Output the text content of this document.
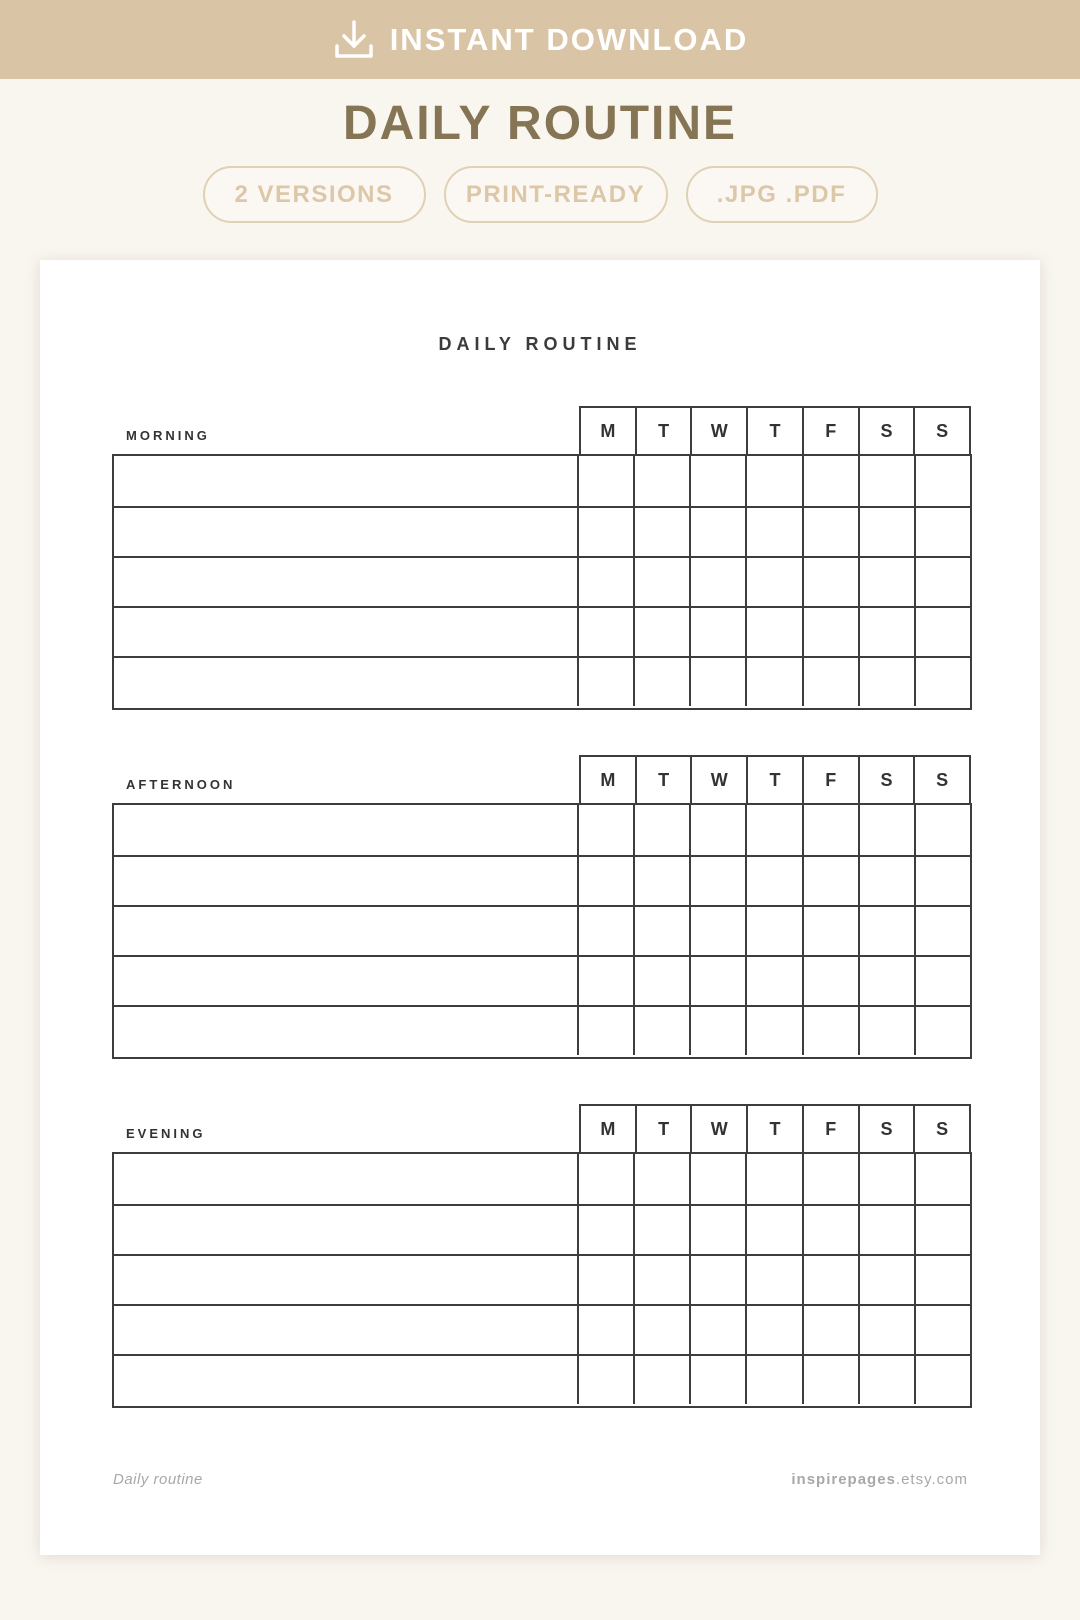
INSTANT DOWNLOAD
DAILY ROUTINE
2 VERSIONS	PRINT-READY	.JPG .PDF
DAILY ROUTINE
MORNING	M	T	W	T	F	S	S
AFTERNOON	M	T	W	T	F	S	S
EVENING	M	T	W	T	F	S	S
Daily routine	inspirepages.etsy.com
